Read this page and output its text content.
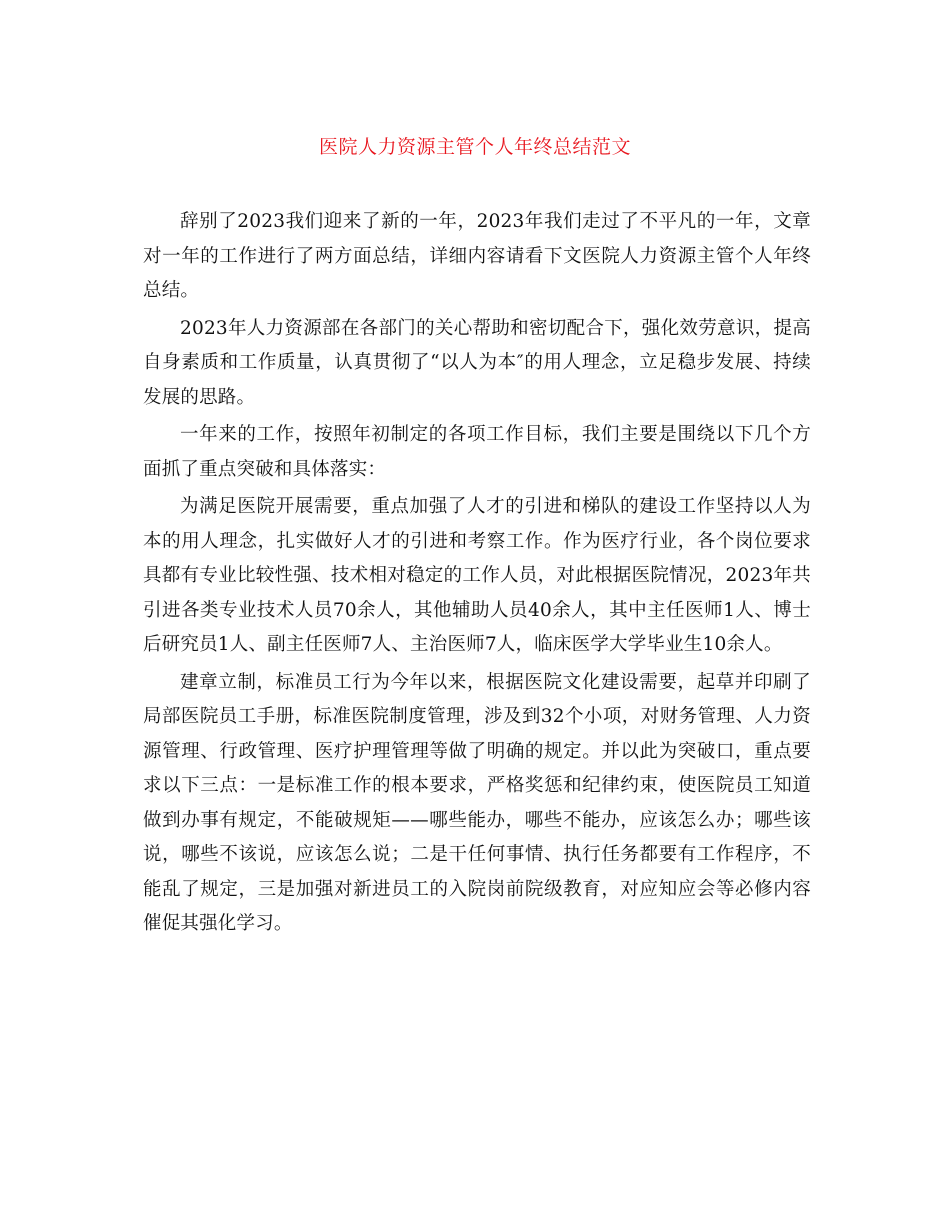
医院人力资源主管个人年终总结范文

辞别了2023我们迎来了新的一年，2023年我们走过了不平凡的一年，文章对一年的工作进行了两方面总结，详细内容请看下文医院人力资源主管个人年终总结。

2023年人力资源部在各部门的关心帮助和密切配合下，强化效劳意识，提高自身素质和工作质量，认真贯彻了“以人为本″的用人理念，立足稳步发展、持续发展的思路。

一年来的工作，按照年初制定的各项工作目标，我们主要是围绕以下几个方面抓了重点突破和具体落实：

为满足医院开展需要，重点加强了人才的引进和梯队的建设工作坚持以人为本的用人理念，扎实做好人才的引进和考察工作。作为医疗行业，各个岗位要求具都有专业比较性强、技术相对稳定的工作人员，对此根据医院情况，2023年共引进各类专业技术人员70余人，其他辅助人员40余人，其中主任医师1人、博士后研究员1人、副主任医师7人、主治医师7人，临床医学大学毕业生10余人。

建章立制，标准员工行为今年以来，根据医院文化建设需要，起草并印刷了局部医院员工手册，标准医院制度管理，涉及到32个小项，对财务管理、人力资源管理、行政管理、医疗护理管理等做了明确的规定。并以此为突破口，重点要求以下三点：一是标准工作的根本要求，严格奖惩和纪律约束，使医院员工知道做到办事有规定，不能破规矩——哪些能办，哪些不能办，应该怎么办；哪些该说，哪些不该说，应该怎么说；二是干任何事情、执行任务都要有工作程序，不能乱了规定，三是加强对新进员工的入院岗前院级教育，对应知应会等必修内容催促其强化学习。
